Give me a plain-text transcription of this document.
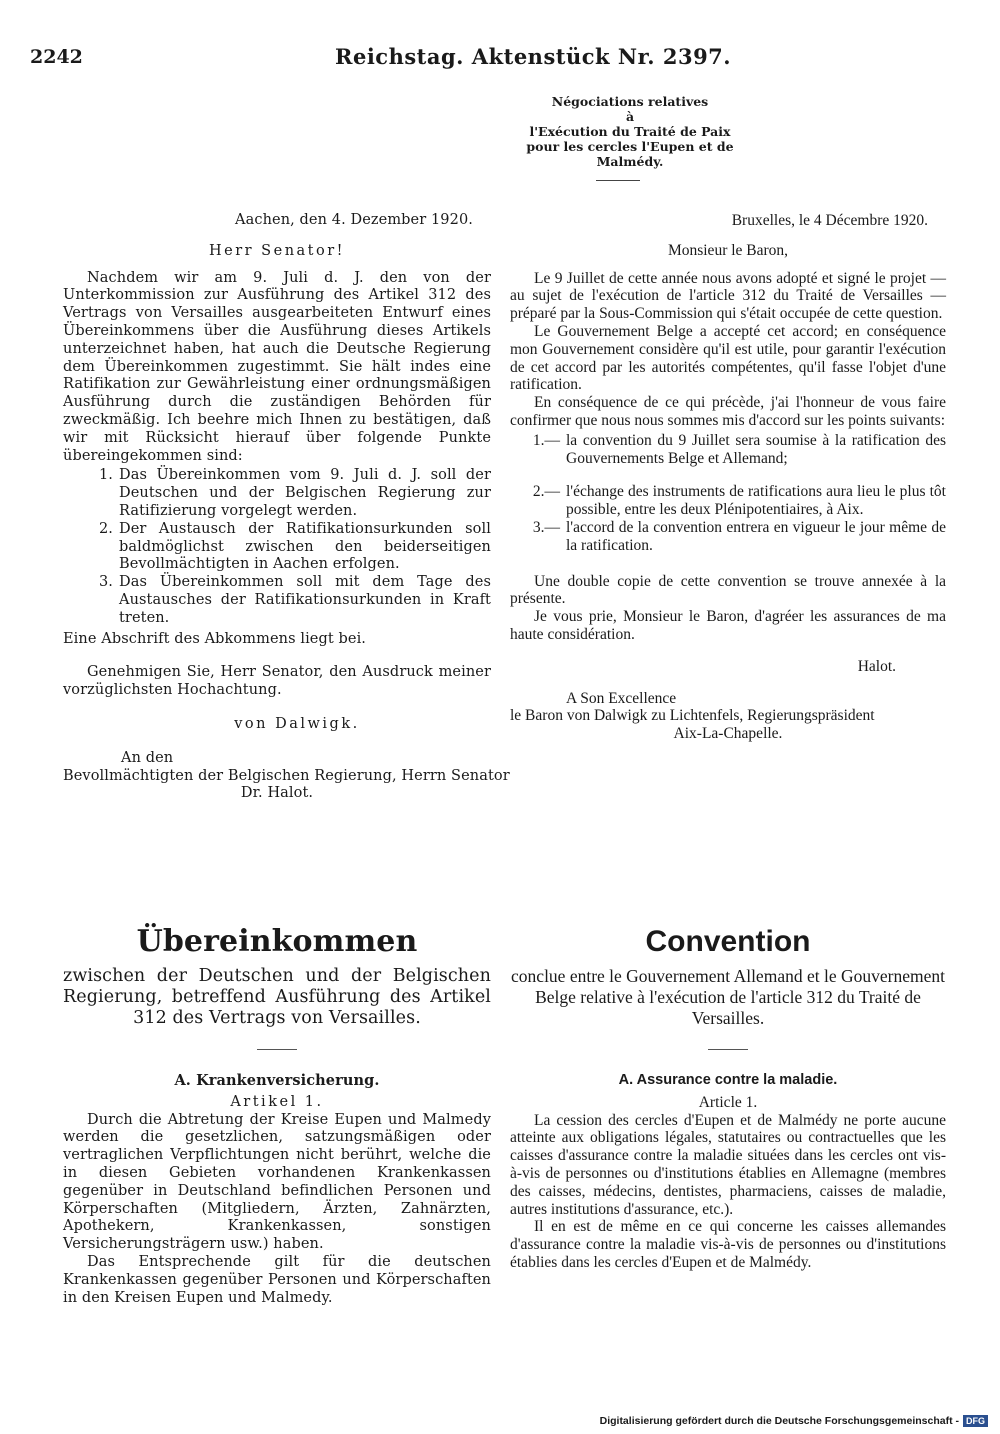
2242	Reichstag. Aktenstück Nr. 2397.
Négociations relatives
à
l'Exécution du Traité de Paix
pour les cercles l'Eupen et de
Malmédy.

Aachen, den 4. Dezember 1920.

Herr Senator!

Nachdem wir am 9. Juli d. J. den von der Unterkommission zur Ausführung des Artikel 312 des Vertrags von Versailles ausgearbeiteten Entwurf eines Übereinkommens über die Ausführung dieses Artikels unterzeichnet haben, hat auch die Deutsche Regierung dem Übereinkommen zugestimmt. Sie hält indes eine Ratifikation zur Gewährleistung einer ordnungsmäßigen Ausführung durch die zuständigen Behörden für zweckmäßig. Ich beehre mich Ihnen zu bestätigen, daß wir mit Rücksicht hierauf über folgende Punkte übereingekommen sind:

1. Das Übereinkommen vom 9. Juli d. J. soll der Deutschen und der Belgischen Regierung zur Ratifizierung vorgelegt werden.
2. Der Austausch der Ratifikationsurkunden soll baldmöglichst zwischen den beiderseitigen Bevollmächtigten in Aachen erfolgen.
3. Das Übereinkommen soll mit dem Tage des Austausches der Ratifikationsurkunden in Kraft treten.

Eine Abschrift des Abkommens liegt bei.

Genehmigen Sie, Herr Senator, den Ausdruck meiner vorzüglichsten Hochachtung.

von Dalwigk.

An den

Bevollmächtigten der Belgischen Regierung, Herrn Senator

Dr. Halot.

Bruxelles, le 4 Décembre 1920.

Monsieur le Baron,

Le 9 Juillet de cette année nous avons adopté et signé le projet — au sujet de l'exécution de l'article 312 du Traité de Versailles — préparé par la Sous-Commission qui s'était occupée de cette question.

Le Gouvernement Belge a accepté cet accord; en conséquence mon Gouvernement considère qu'il est utile, pour garantir l'exécution de cet accord par les autorités compétentes, qu'il fasse l'objet d'une ratification.

En conséquence de ce qui précède, j'ai l'honneur de vous faire confirmer que nous nous sommes mis d'accord sur les points suivants:

1.— la convention du 9 Juillet sera soumise à la ratification des Gouvernements Belge et Allemand;
2.— l'échange des instruments de ratifications aura lieu le plus tôt possible, entre les deux Plénipotentiaires, à Aix.
3.— l'accord de la convention entrera en vigueur le jour même de la ratification.

Une double copie de cette convention se trouve annexée à la présente.

Je vous prie, Monsieur le Baron, d'agréer les assurances de ma haute considération.

Halot.

A Son Excellence

le Baron von Dalwigk zu Lichtenfels, Regierungspräsident

Aix-La-Chapelle.

Übereinkommen
zwischen der Deutschen und der Belgischen Regierung, betreffend Ausführung des Artikel 312 des Vertrags von Versailles.
A. Krankenversicherung.
Artikel 1.

Durch die Abtretung der Kreise Eupen und Malmedy werden die gesetzlichen, satzungsmäßigen oder vertraglichen Verpflichtungen nicht berührt, welche die in diesen Gebieten vorhandenen Krankenkassen gegenüber in Deutschland befindlichen Personen und Körperschaften (Mitgliedern, Ärzten, Zahnärzten, Apothekern, Krankenkassen, sonstigen Versicherungsträgern usw.) haben.

Das Entsprechende gilt für die deutschen Krankenkassen gegenüber Personen und Körperschaften in den Kreisen Eupen und Malmedy.

Convention
conclue entre le Gouvernement Allemand et le Gouvernement Belge relative à l'exécution de l'article 312 du Traité de Versailles.
A. Assurance contre la maladie.
Article 1.

La cession des cercles d'Eupen et de Malmédy ne porte aucune atteinte aux obligations légales, statutaires ou contractuelles que les caisses d'assurance contre la maladie situées dans les cercles ont vis-à-vis de personnes ou d'institutions établies en Allemagne (membres des caisses, médecins, dentistes, pharmaciens, caisses de maladie, autres institutions d'assurance, etc.).

Il en est de même en ce qui concerne les caisses allemandes d'assurance contre la maladie vis-à-vis de personnes ou d'institutions établies dans les cercles d'Eupen et de Malmédy.

Digitalisierung gefördert durch die Deutsche Forschungsgemeinschaft - DFG
